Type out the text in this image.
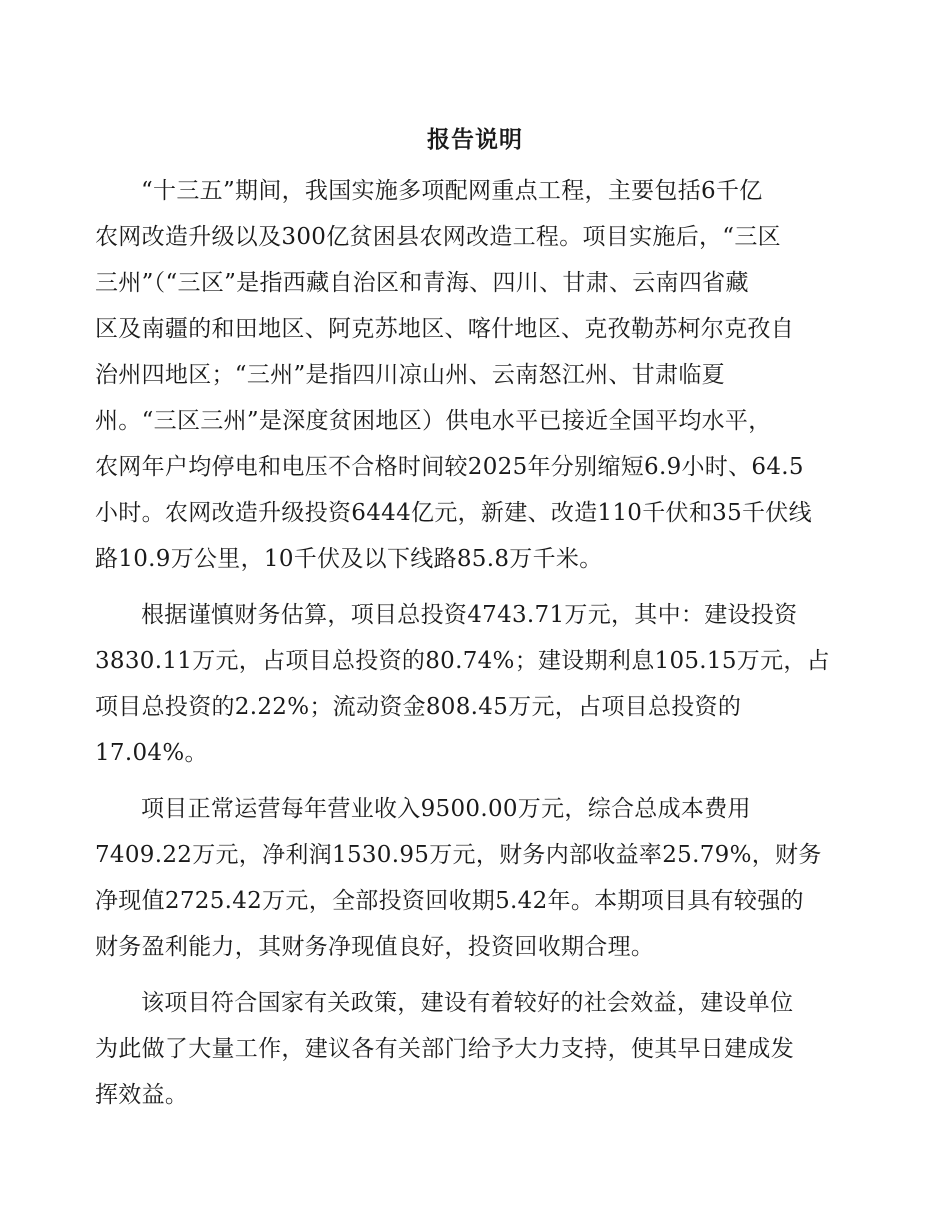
报告说明
“十三五”期间，我国实施多项配网重点工程，主要包括6千亿
农网改造升级以及300亿贫困县农网改造工程。项目实施后，“三区
三州”（“三区”是指西藏自治区和青海、四川、甘肃、云南四省藏
区及南疆的和田地区、阿克苏地区、喀什地区、克孜勒苏柯尔克孜自
治州四地区；“三州”是指四川凉山州、云南怒江州、甘肃临夏
州。“三区三州”是深度贫困地区）供电水平已接近全国平均水平，
农网年户均停电和电压不合格时间较2025年分别缩短6.9小时、64.5
小时。农网改造升级投资6444亿元，新建、改造110千伏和35千伏线
路10.9万公里，10千伏及以下线路85.8万千米。
根据谨慎财务估算，项目总投资4743.71万元，其中：建设投资
3830.11万元，占项目总投资的80.74%；建设期利息105.15万元，占
项目总投资的2.22%；流动资金808.45万元，占项目总投资的
17.04%。
项目正常运营每年营业收入9500.00万元，综合总成本费用
7409.22万元，净利润1530.95万元，财务内部收益率25.79%，财务
净现值2725.42万元，全部投资回收期5.42年。本期项目具有较强的
财务盈利能力，其财务净现值良好，投资回收期合理。
该项目符合国家有关政策，建设有着较好的社会效益，建设单位
为此做了大量工作，建议各有关部门给予大力支持，使其早日建成发
挥效益。
